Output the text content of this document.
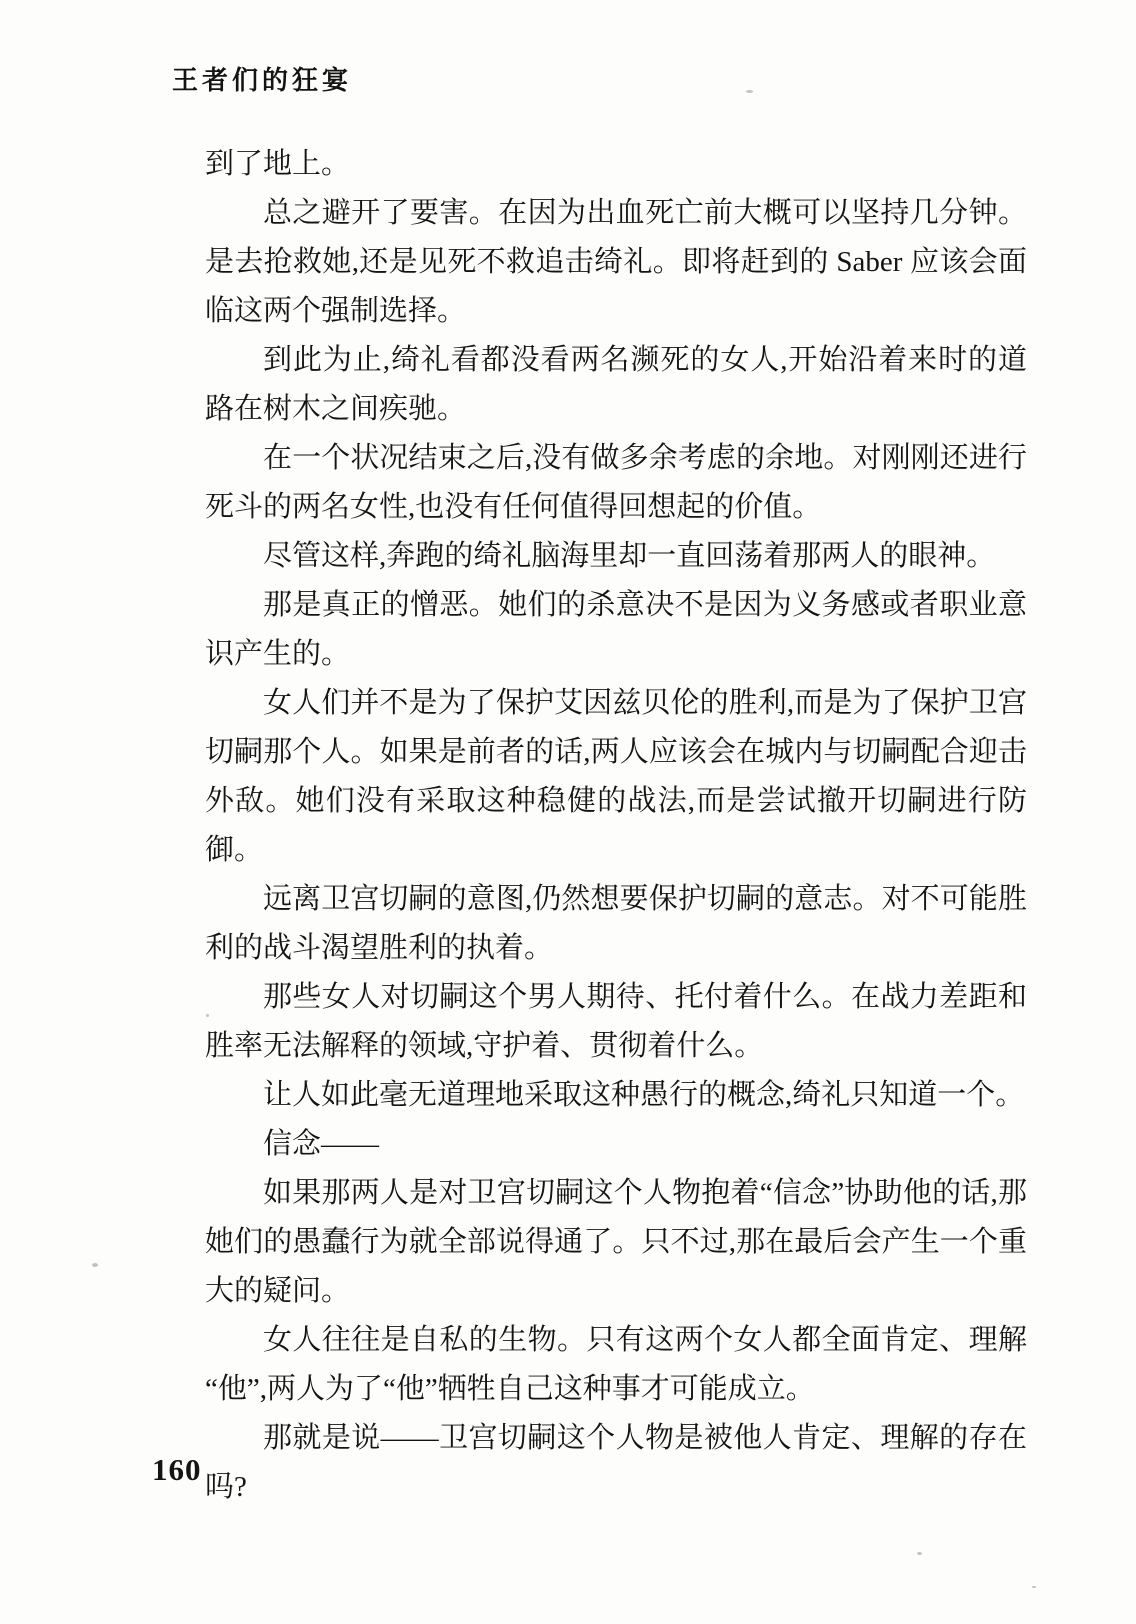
王者们的狂宴

到了地上。

总之避开了要害。在因为出血死亡前大概可以坚持几分钟。是去抢救她,还是见死不救追击绮礼。即将赶到的 Saber 应该会面临这两个强制选择。

到此为止,绮礼看都没看两名濒死的女人,开始沿着来时的道路在树木之间疾驰。

在一个状况结束之后,没有做多余考虑的余地。对刚刚还进行死斗的两名女性,也没有任何值得回想起的价值。

尽管这样,奔跑的绮礼脑海里却一直回荡着那两人的眼神。

那是真正的憎恶。她们的杀意决不是因为义务感或者职业意识产生的。

女人们并不是为了保护艾因兹贝伦的胜利,而是为了保护卫宫切嗣那个人。如果是前者的话,两人应该会在城内与切嗣配合迎击外敌。她们没有采取这种稳健的战法,而是尝试撤开切嗣进行防御。

远离卫宫切嗣的意图,仍然想要保护切嗣的意志。对不可能胜利的战斗渴望胜利的执着。

那些女人对切嗣这个男人期待、托付着什么。在战力差距和胜率无法解释的领域,守护着、贯彻着什么。

让人如此毫无道理地采取这种愚行的概念,绮礼只知道一个。

信念——

如果那两人是对卫宫切嗣这个人物抱着“信念”协助他的话,那她们的愚蠢行为就全部说得通了。只不过,那在最后会产生一个重大的疑问。

女人往往是自私的生物。只有这两个女人都全面肯定、理解“他”,两人为了“他”牺牲自己这种事才可能成立。

那就是说——卫宫切嗣这个人物是被他人肯定、理解的存在吗?

160
